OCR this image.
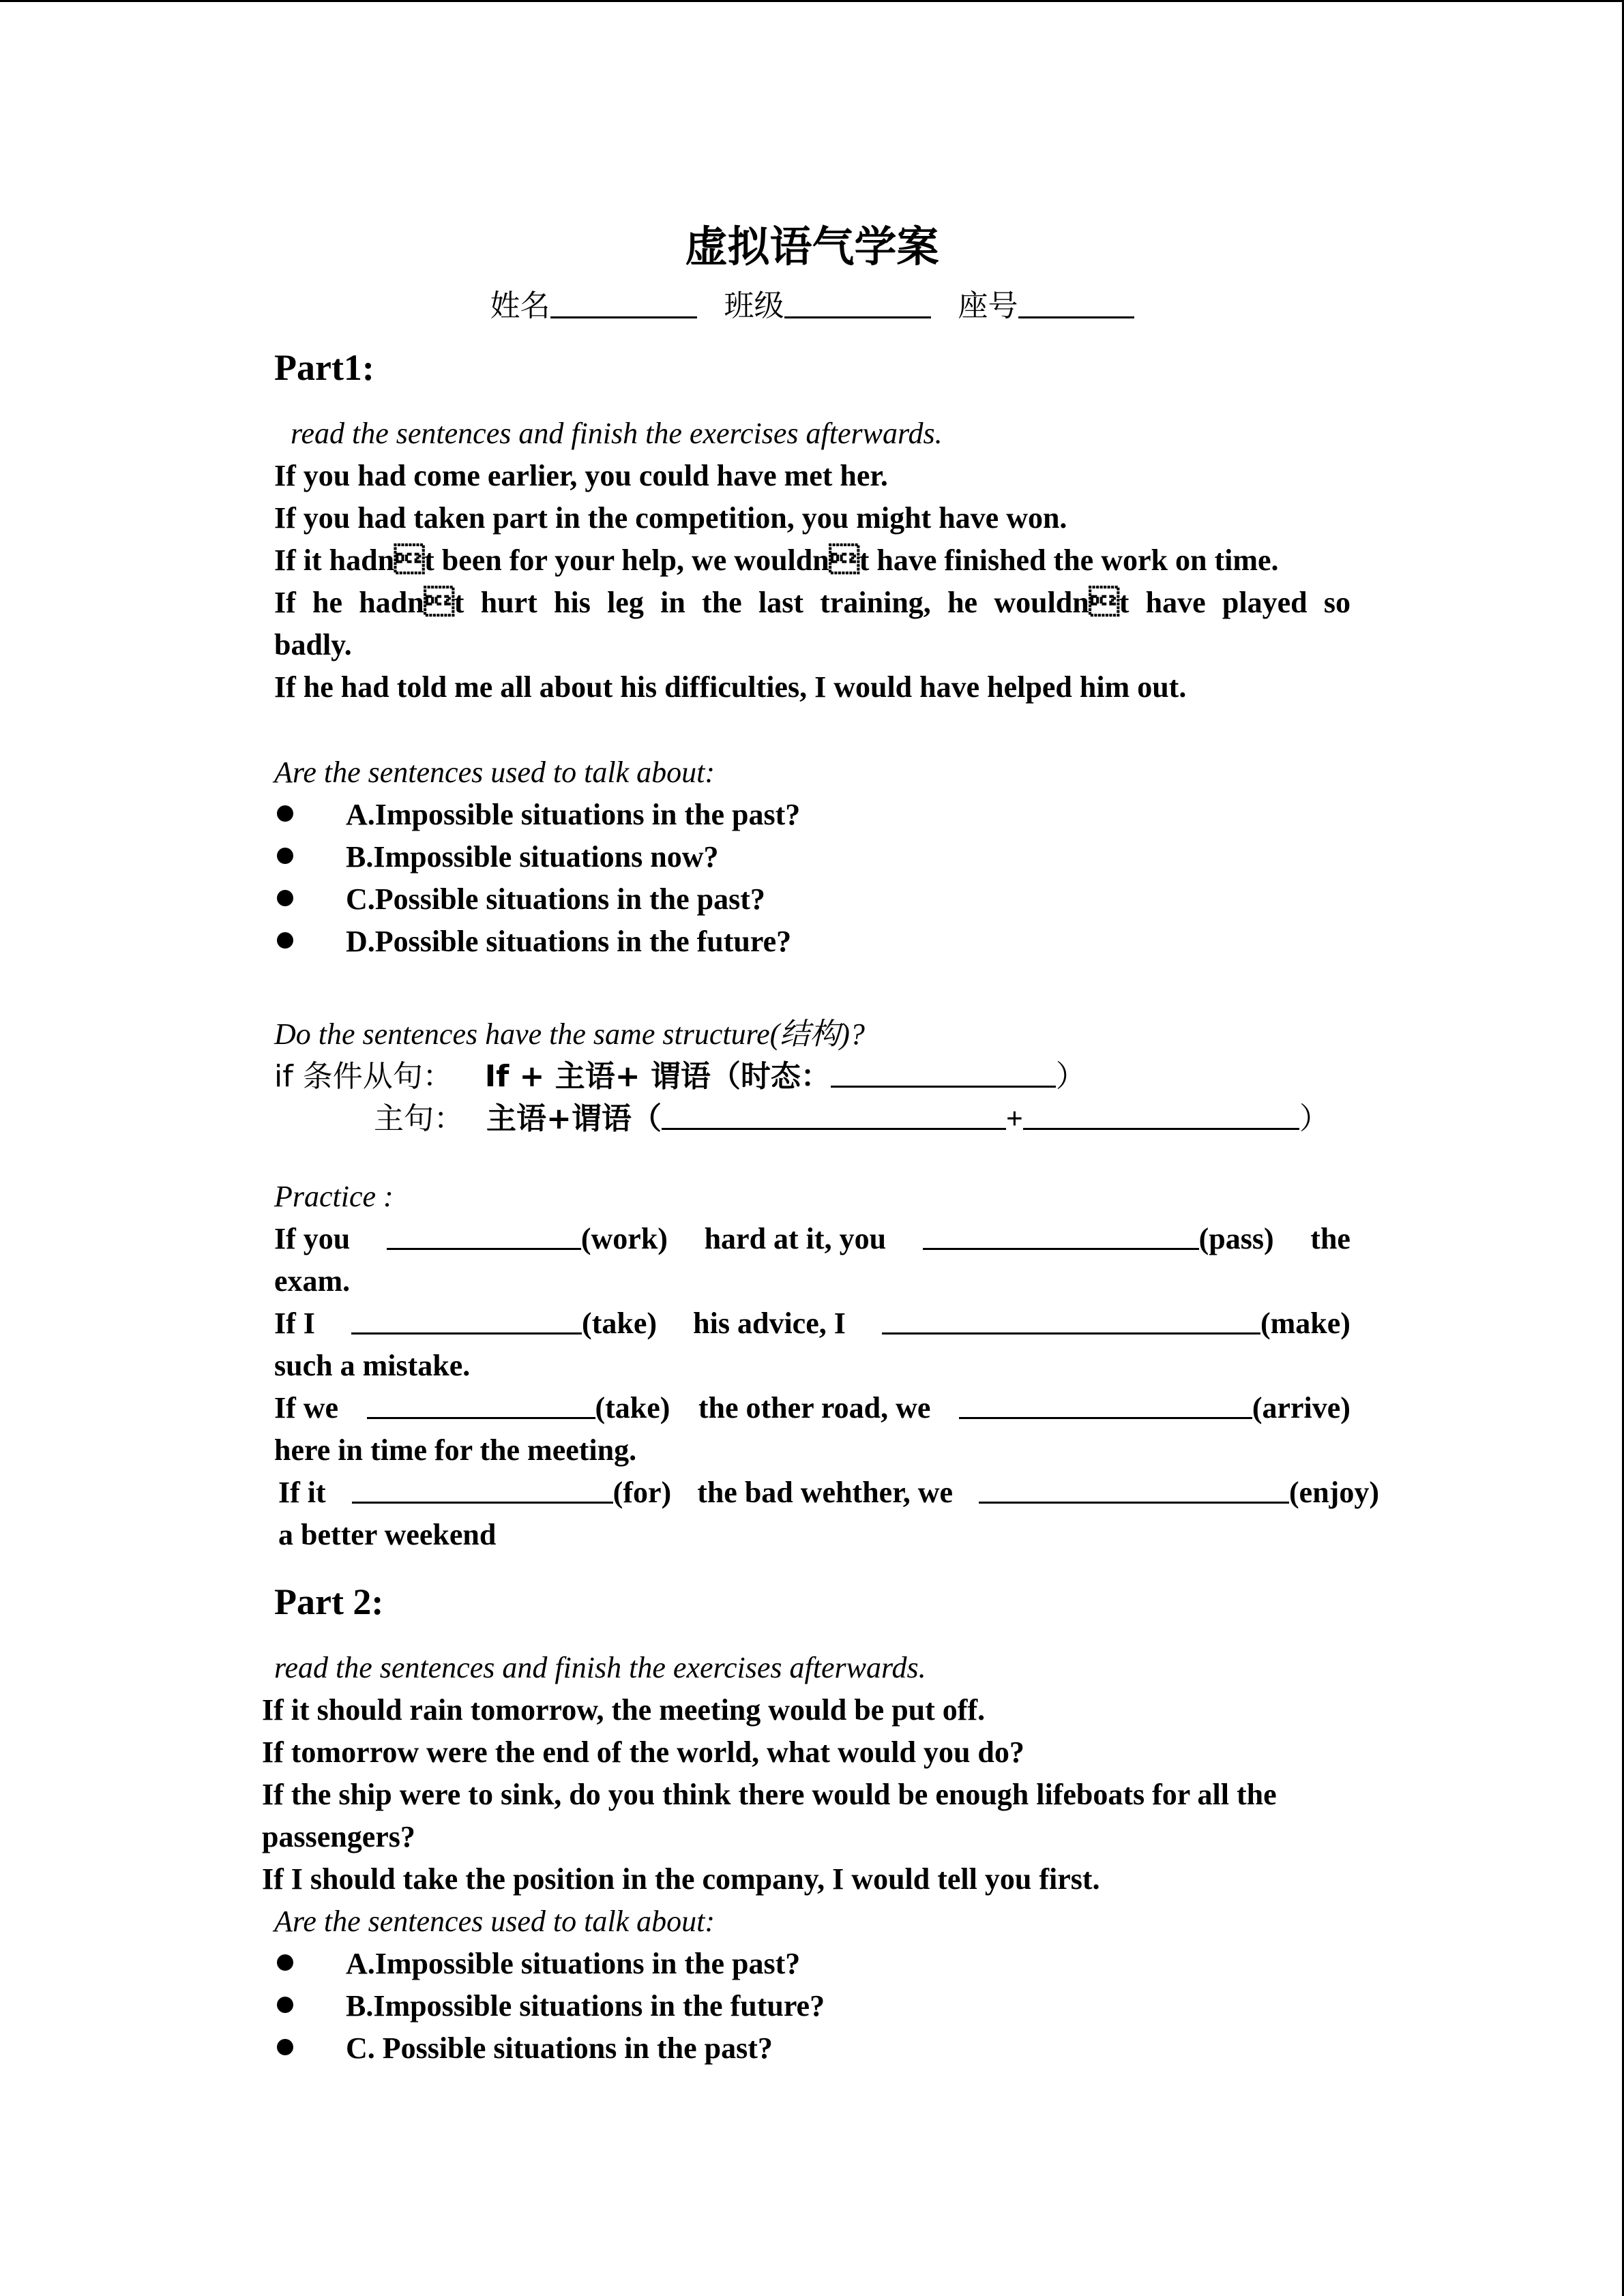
虚拟语气学案
姓名	班级	座号
Part1:
read the sentences and finish the exercises afterwards.
If you had come earlier, you could have met her.
If you had taken part in the competition, you might have won.
If it hadnt been for your help, we wouldnt have finished the work on time.
If he hadnt hurt his leg in the last training, he wouldnt have played so
badly.
If he had told me all about his difficulties, I would have helped him out.
Are the sentences used to talk about:
A.Impossible situations in the past?
B.Impossible situations now?
C.Possible situations in the past?
D.Possible situations in the future?
Do the sentences have the same structure(结构)?
if 条件从句： If + 主语+ 谓语（时态：	）
主句： 主语+谓语（	+	）
Practice :
If you	(work) hard at it, you	(pass) the
exam.
If I	(take) his advice, I	(make)
such a mistake.
If we	(take) the other road, we	(arrive)
here in time for the meeting.
If it	(for) the bad wehther, we	(enjoy)
a better weekend
Part 2:
read the sentences and finish the exercises afterwards.
If it should rain tomorrow, the meeting would be put off.
If tomorrow were the end of the world, what would you do?
If the ship were to sink, do you think there would be enough lifeboats for all the
passengers?
If I should take the position in the company, I would tell you first.
Are the sentences used to talk about:
A.Impossible situations in the past?
B.Impossible situations in the future?
C. Possible situations in the past?
